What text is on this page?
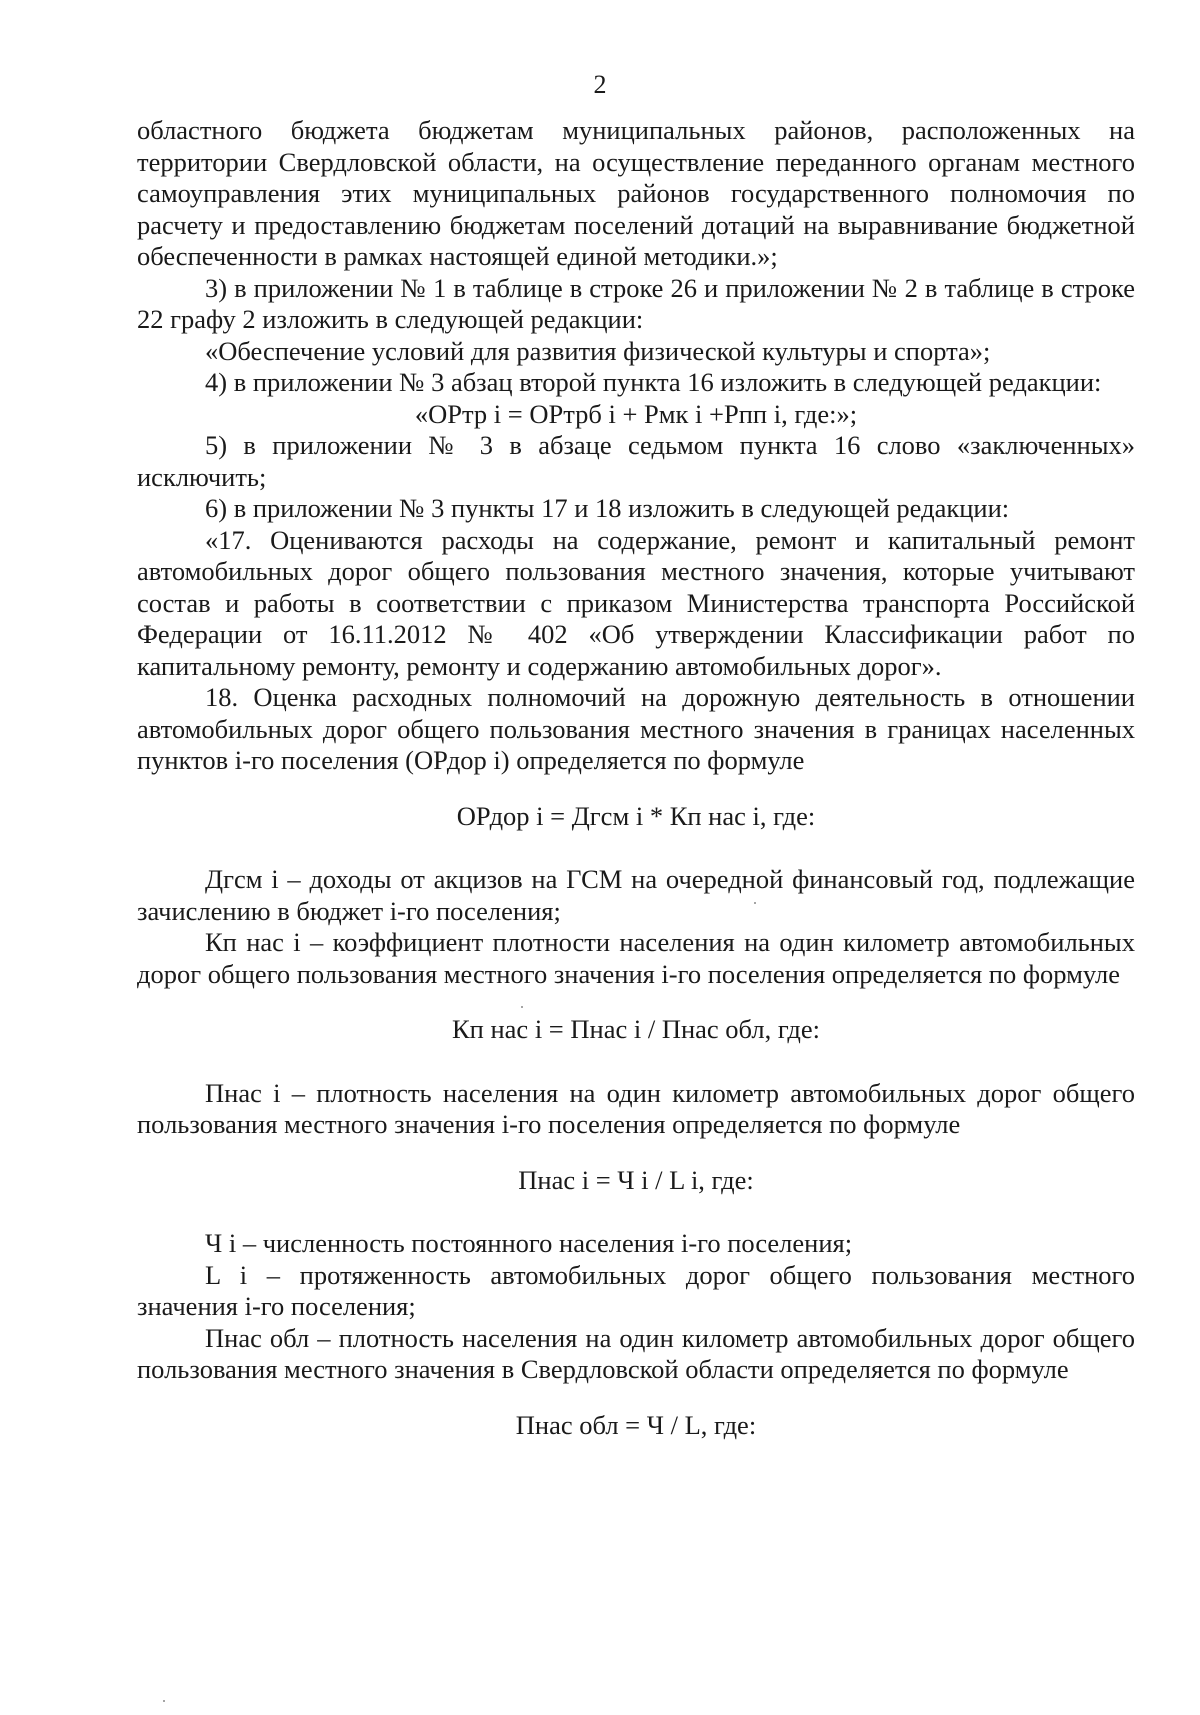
2

областного бюджета бюджетам муниципальных районов, расположенных на территории Свердловской области, на осуществление переданного органам местного самоуправления этих муниципальных районов государственного полномочия по расчету и предоставлению бюджетам поселений дотаций на выравнивание бюджетной обеспеченности в рамках настоящей единой методики.»;

3) в приложении № 1 в таблице в строке 26 и приложении № 2 в таблице в строке 22 графу 2 изложить в следующей редакции:

«Обеспечение условий для развития физической культуры и спорта»;

4) в приложении № 3 абзац второй пункта 16 изложить в следующей редакции:

«ОРтр i = ОРтрб i + Рмк i +Рпп i, где:»;

5) в приложении № 3 в абзаце седьмом пункта 16 слово «заключенных» исключить;

6) в приложении № 3 пункты 17 и 18 изложить в следующей редакции:

«17. Оцениваются расходы на содержание, ремонт и капитальный ремонт автомобильных дорог общего пользования местного значения, которые учитывают состав и работы в соответствии с приказом Министерства транспорта Российской Федерации от 16.11.2012 № 402 «Об утверждении Классификации работ по капитальному ремонту, ремонту и содержанию автомобильных дорог».

18. Оценка расходных полномочий на дорожную деятельность в отношении автомобильных дорог общего пользования местного значения в границах населенных пунктов i-го поселения (ОРдор i) определяется по формуле

ОРдор i = Дгсм i * Кп нас i, где:

Дгсм i – доходы от акцизов на ГСМ на очередной финансовый год, подлежащие зачислению в бюджет i-го поселения;

Кп нас i – коэффициент плотности населения на один километр автомобильных дорог общего пользования местного значения i-го поселения определяется по формуле

Кп нас i = Пнас i / Пнас обл, где:

Пнас i – плотность населения на один километр автомобильных дорог общего пользования местного значения i-го поселения определяется по формуле

Пнас i = Ч i / L i, где:

Ч i – численность постоянного населения i-го поселения;

L i – протяженность автомобильных дорог общего пользования местного значения i-го поселения;

Пнас обл – плотность населения на один километр автомобильных дорог общего пользования местного значения в Свердловской области определяется по формуле

Пнас обл = Ч / L, где:
